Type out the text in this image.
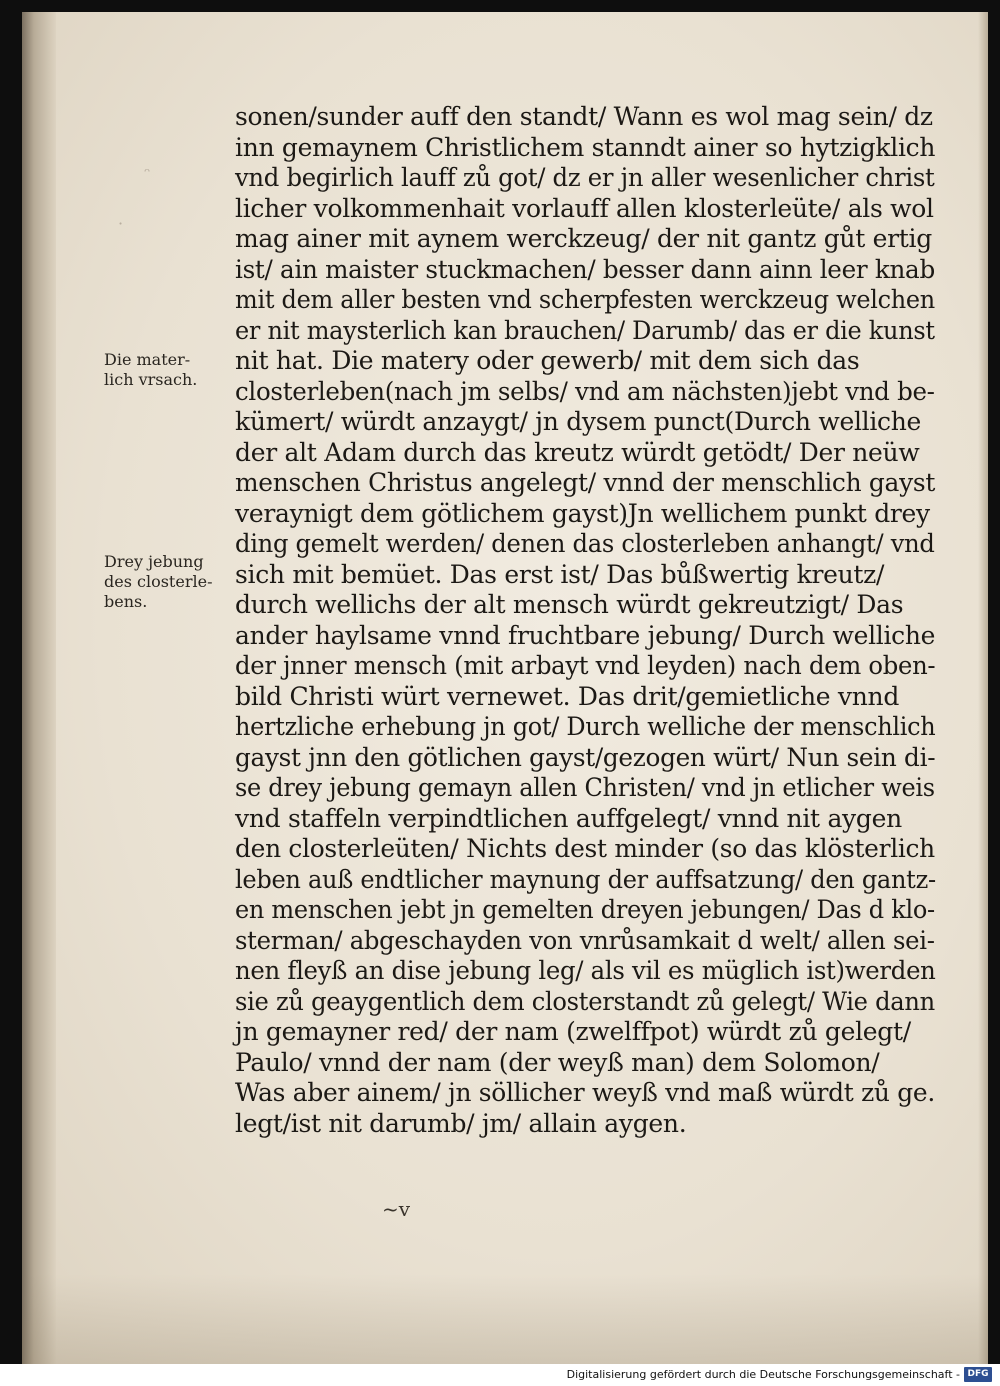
ᵔ
·
Die mater-
lich vrsach.
Drey jebung
des closterle-
bens.
sonen/sunder auff den standt/ Wann es wol mag sein/ dz
inn gemaynem Christlichem stanndt ainer so hytzigklich
vnd begirlich lauff zů got/ dz er jn aller wesenlicher christ
licher volkommenhait vorlauff allen klosterleüte/ als wol
mag ainer mit aynem werckzeug/ der nit gantz gůt ertig
ist/ ain maister stuckmachen/ besser dann ainn leer knab
mit dem aller besten vnd scherpfesten werckzeug welchen
er nit maysterlich kan brauchen/ Darumb/ das er die kunst
nit hat. Die matery oder gewerb/ mit dem sich das
closterleben(nach jm selbs/ vnd am nächsten)jebt vnd be-
kümert/ würdt anzaygt/ jn dysem punct(Durch welliche
der alt Adam durch das kreutz würdt getödt/ Der neüw
menschen Christus angelegt/ vnnd der menschlich gayst
veraynigt dem götlichem gayst)Jn wellichem punkt drey
ding gemelt werden/ denen das closterleben anhangt/ vnd
sich mit bemüet. Das erst ist/ Das bůßwertig kreutz/
durch wellichs der alt mensch würdt gekreutzigt/ Das
ander haylsame vnnd fruchtbare jebung/ Durch welliche
der jnner mensch (mit arbayt vnd leyden) nach dem oben-
bild Christi würt vernewet. Das drit/gemietliche vnnd
hertzliche erhebung jn got/ Durch welliche der menschlich
gayst jnn den götlichen gayst/gezogen würt/ Nun sein di-
se drey jebung gemayn allen Christen/ vnd jn etlicher weis
vnd staffeln verpindtlichen auffgelegt/ vnnd nit aygen
den closterleüten/ Nichts dest minder (so das klösterlich
leben auß endtlicher maynung der auffsatzung/ den gantz-
en menschen jebt jn gemelten dreyen jebungen/ Das d klo-
sterman/ abgeschayden von vnrůsamkait d welt/ allen sei-
nen fleyß an dise jebung leg/ als vil es müglich ist)werden
sie zů geaygentlich dem closterstandt zů gelegt/ Wie dann
jn gemayner red/ der nam (zwelffpot) würdt zů gelegt/
Paulo/ vnnd der nam (der weyß man) dem Solomon/
Was aber ainem/ jn söllicher weyß vnd maß würdt zů ge.
legt/ist nit darumb/ jm/ allain aygen.
~v
Digitalisierung gefördert durch die Deutsche Forschungsgemeinschaft - DFG
